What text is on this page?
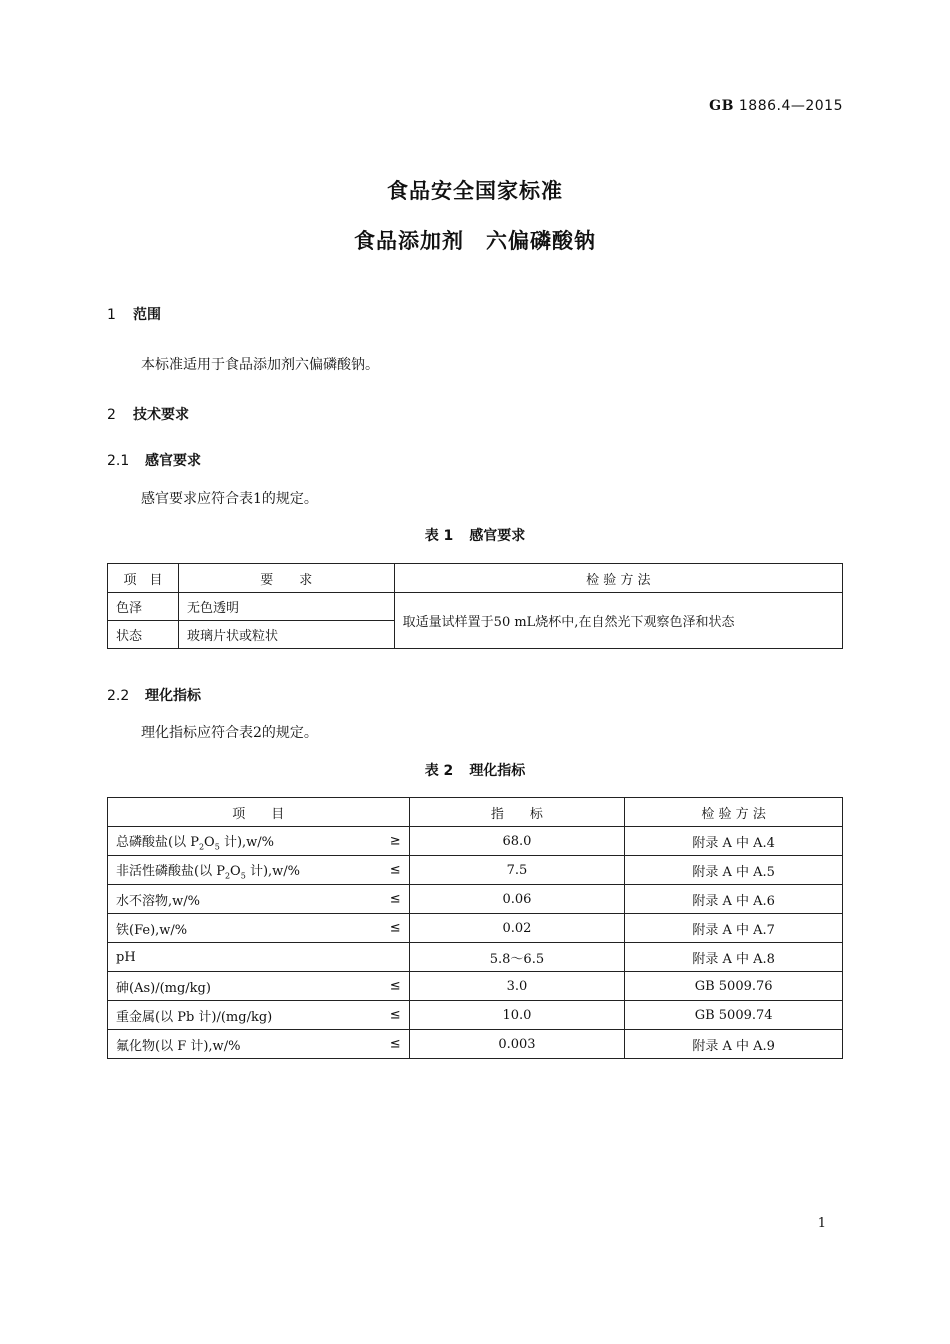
GB 1886.4—2015
食品安全国家标准
食品添加剂　六偏磷酸钠
1 范围
本标准适用于食品添加剂六偏磷酸钠。
2 技术要求
2.1 感官要求
感官要求应符合表1的规定。
表 1 感官要求
项　目	要　　求	检 验 方 法
色泽	无色透明	取适量试样置于50 mL烧杯中,在自然光下观察色泽和状态
状态	玻璃片状或粒状	
2.2 理化指标
理化指标应符合表2的规定。
表 2 理化指标
项　　目	指　　标	检 验 方 法
总磷酸盐(以 $P_2O_5$ 计),w/% ≥	68.0	附录 A 中 A.4
非活性磷酸盐(以 $P_2O_5$ 计),w/% ≤	7.5	附录 A 中 A.5
水不溶物,w/% ≤	0.06	附录 A 中 A.6
铁(Fe),w/% ≤	0.02	附录 A 中 A.7
pH	5.8～6.5	附录 A 中 A.8
砷(As)/(mg/kg) ≤	3.0	GB 5009.76
重金属(以 Pb 计)/(mg/kg) ≤	10.0	GB 5009.74
氟化物(以 F 计),w/% ≤	0.003	附录 A 中 A.9
1
